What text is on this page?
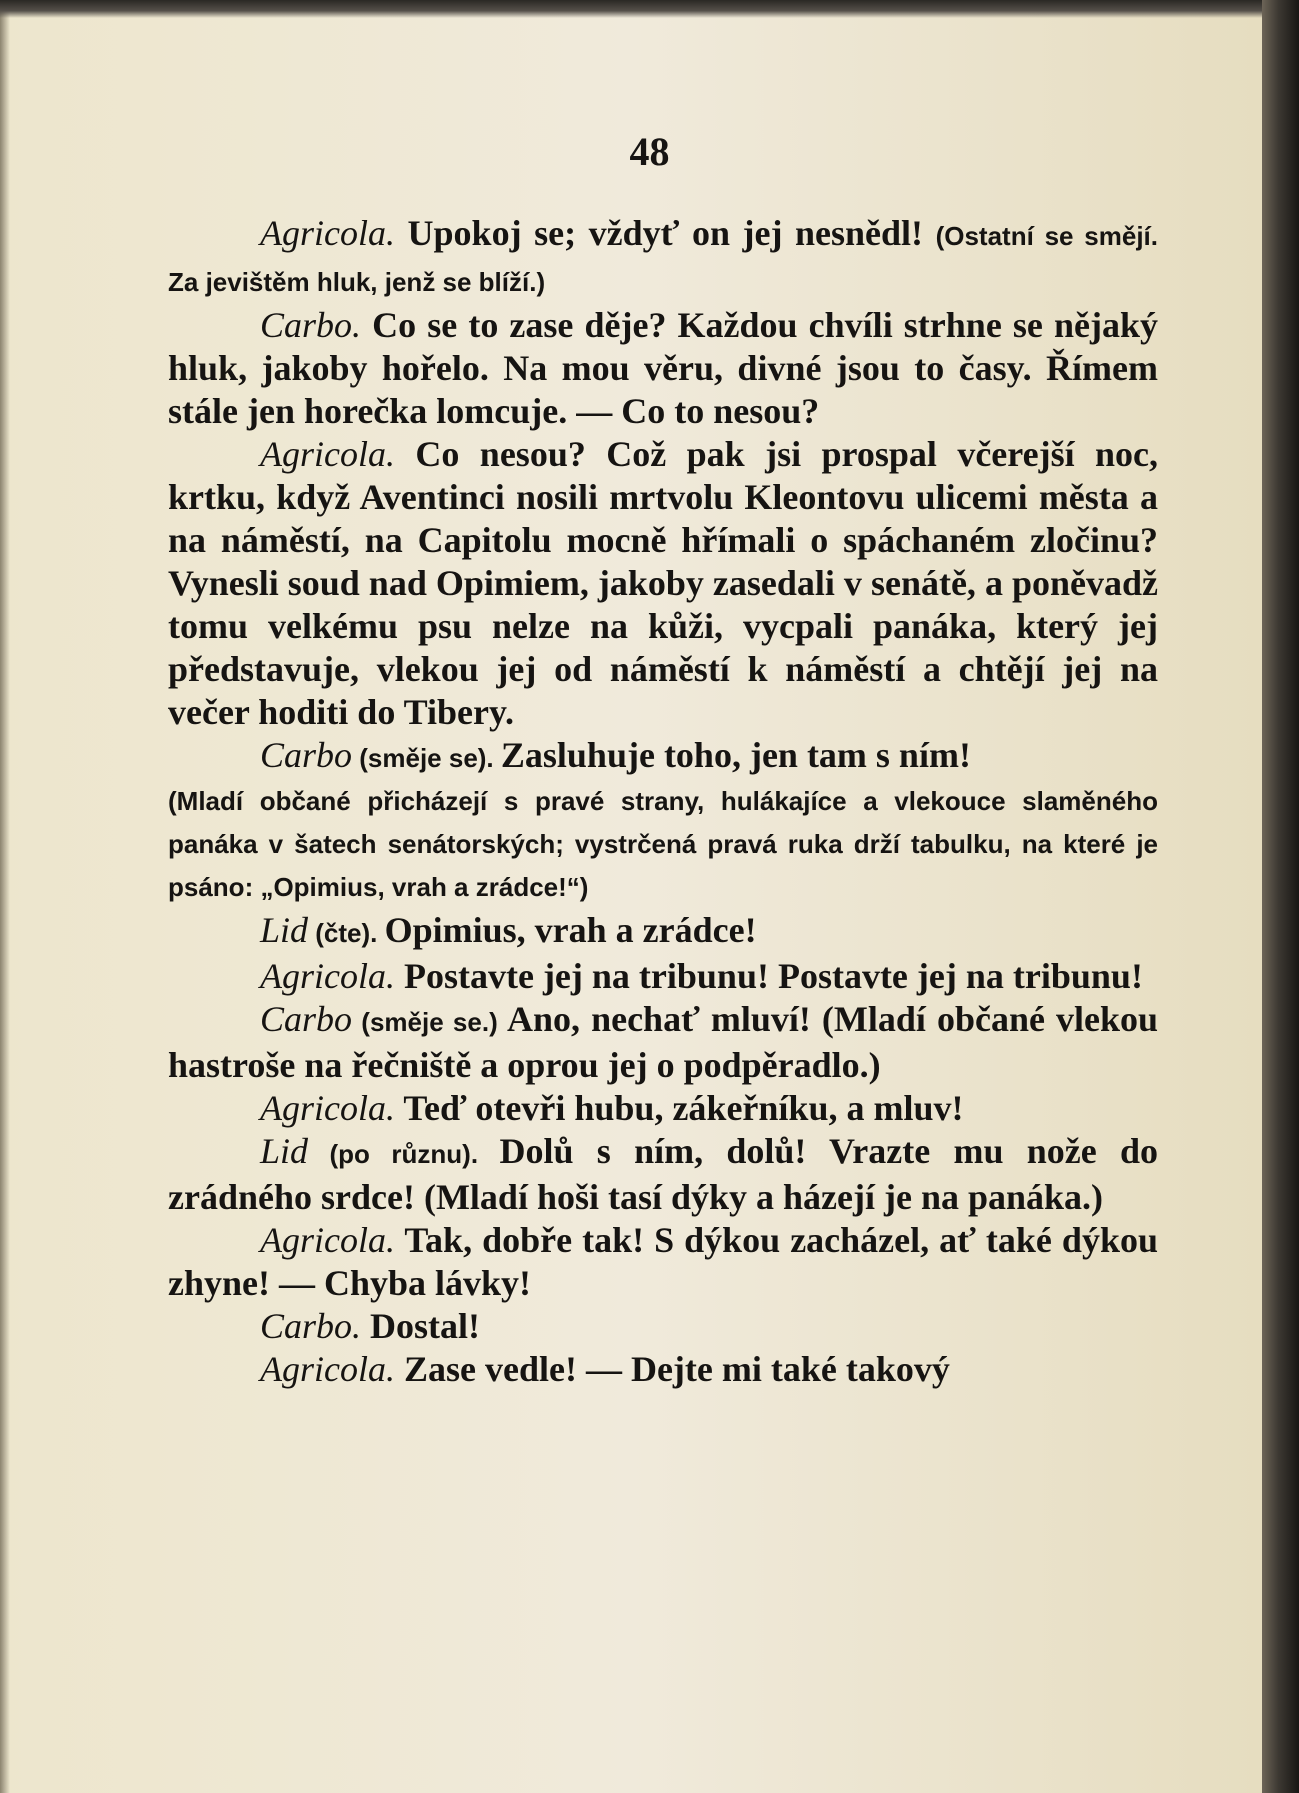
48

Agricola. Upokoj se; vždyť on jej nesnědl! (Ostatní se smějí. Za jevištěm hluk, jenž se blíží.)

Carbo. Co se to zase děje? Každou chvíli strhne se nějaký hluk, jakoby hořelo. Na mou věru, divné jsou to časy. Římem stále jen horečka lomcuje. — Co to nesou?

Agricola. Co nesou? Což pak jsi prospal včerejší noc, krtku, když Aventinci nosili mrtvolu Kleontovu ulicemi města a na náměstí, na Capitolu mocně hřímali o spáchaném zločinu? Vynesli soud nad Opimiem, jakoby zasedali v senátě, a poněvadž tomu velkému psu nelze na kůži, vycpali panáka, který jej představuje, vlekou jej od náměstí k náměstí a chtějí jej na večer hoditi do Tibery.

Carbo (směje se). Zasluhuje toho, jen tam s ním!

(Mladí občané přicházejí s pravé strany, hulákajíce a vlekouce slaměného panáka v šatech senátorských; vystrčená pravá ruka drží tabulku, na které je psáno: „Opimius, vrah a zrádce!“)

Lid (čte). Opimius, vrah a zrádce!

Agricola. Postavte jej na tribunu! Postavte jej na tribunu!

Carbo (směje se.) Ano, nechať mluví! (Mladí občané vlekou hastroše na řečniště a oprou jej o podpěradlo.)

Agricola. Teď otevři hubu, zákeřníku, a mluv!

Lid (po různu). Dolů s ním, dolů! Vrazte mu nože do zrádného srdce! (Mladí hoši tasí dýky a házejí je na panáka.)

Agricola. Tak, dobře tak! S dýkou zacházel, ať také dýkou zhyne! — Chyba lávky!

Carbo. Dostal!

Agricola. Zase vedle! — Dejte mi také takový
